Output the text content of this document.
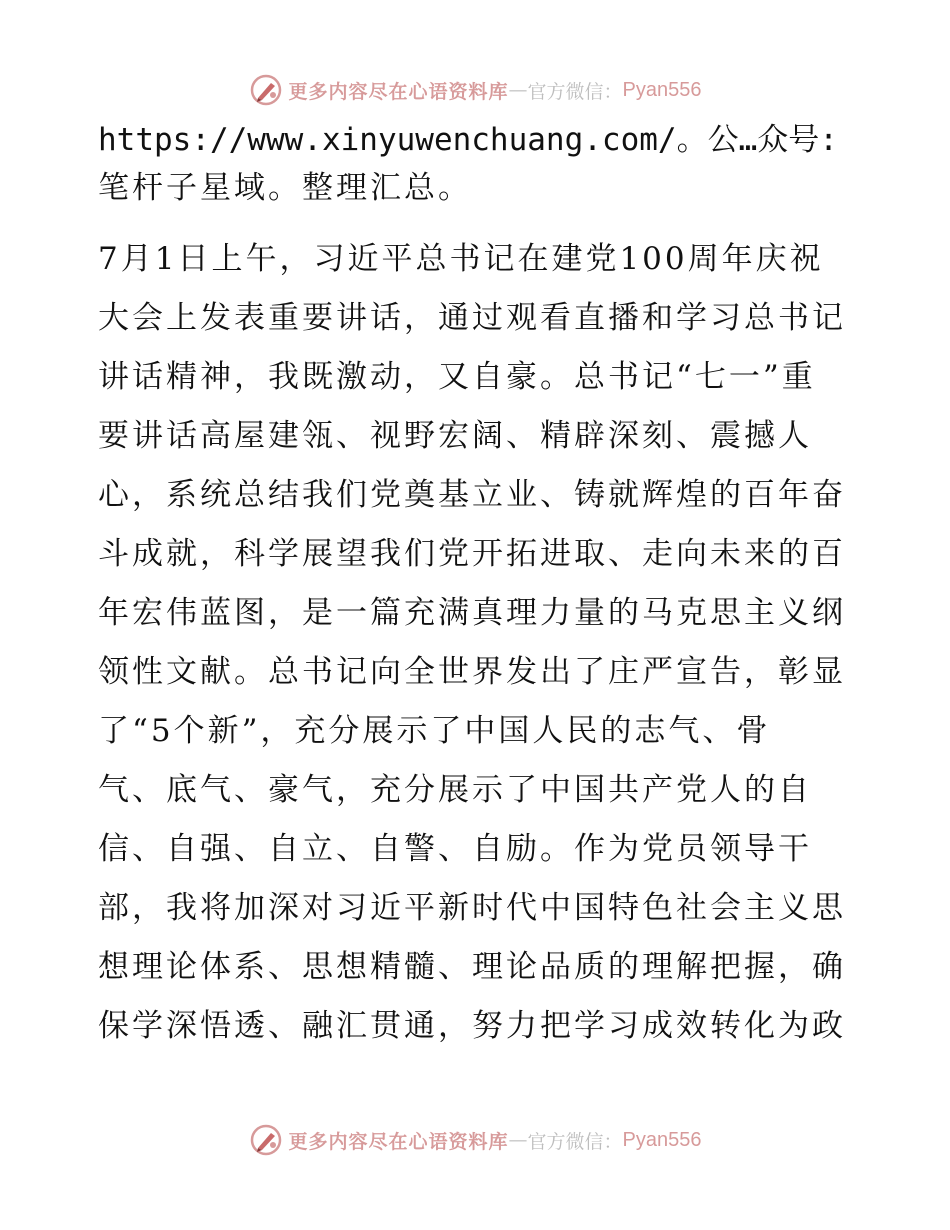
更多内容尽在心语资料库 — 官方微信： Pyan556
https://www.xinyuwenchuang.com/。公…众号:
笔杆子星域。整理汇总。
7月1日上午，习近平总书记在建党100周年庆祝
大会上发表重要讲话，通过观看直播和学习总书记
讲话精神，我既激动，又自豪。总书记“七一”重
要讲话高屋建瓴、视野宏阔、精辟深刻、震撼人
心，系统总结我们党奠基立业、铸就辉煌的百年奋
斗成就，科学展望我们党开拓进取、走向未来的百
年宏伟蓝图，是一篇充满真理力量的马克思主义纲
领性文献。总书记向全世界发出了庄严宣告，彰显
了“5个新”，充分展示了中国人民的志气、骨
气、底气、豪气，充分展示了中国共产党人的自
信、自强、自立、自警、自励。作为党员领导干
部，我将加深对习近平新时代中国特色社会主义思
想理论体系、思想精髓、理论品质的理解把握，确
保学深悟透、融汇贯通，努力把学习成效转化为政
更多内容尽在心语资料库 — 官方微信： Pyan556
